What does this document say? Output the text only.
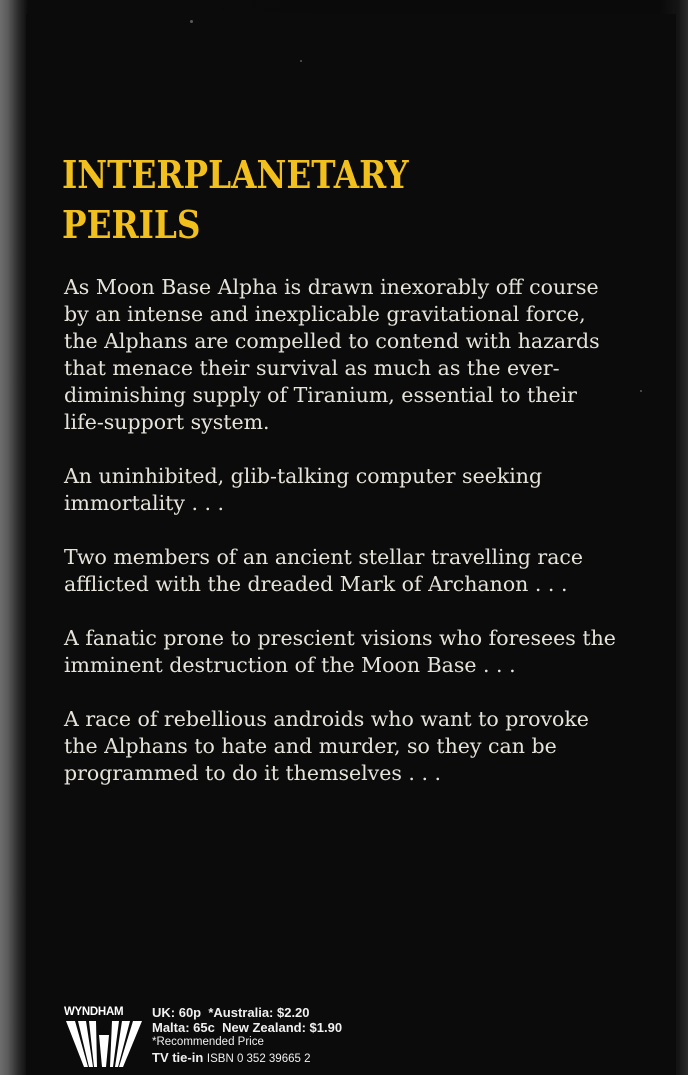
INTERPLANETARY
PERILS

As Moon Base Alpha is drawn inexorably off course
by an intense and inexplicable gravitational force,
the Alphans are compelled to contend with hazards
that menace their survival as much as the ever-
diminishing supply of Tiranium, essential to their
life-support system.

An uninhibited, glib-talking computer seeking
immortality . . .

Two members of an ancient stellar travelling race
afflicted with the dreaded Mark of Archanon . . .

A fanatic prone to prescient visions who foresees the
imminent destruction of the Moon Base . . .

A race of rebellious androids who want to provoke
the Alphans to hate and murder, so they can be
programmed to do it themselves . . .

WYNDHAM UK: 60p *Australia: $2.20
Malta: 65c New Zealand: $1.90
*Recommended Price
TV tie-in ISBN 0 352 39665 2
